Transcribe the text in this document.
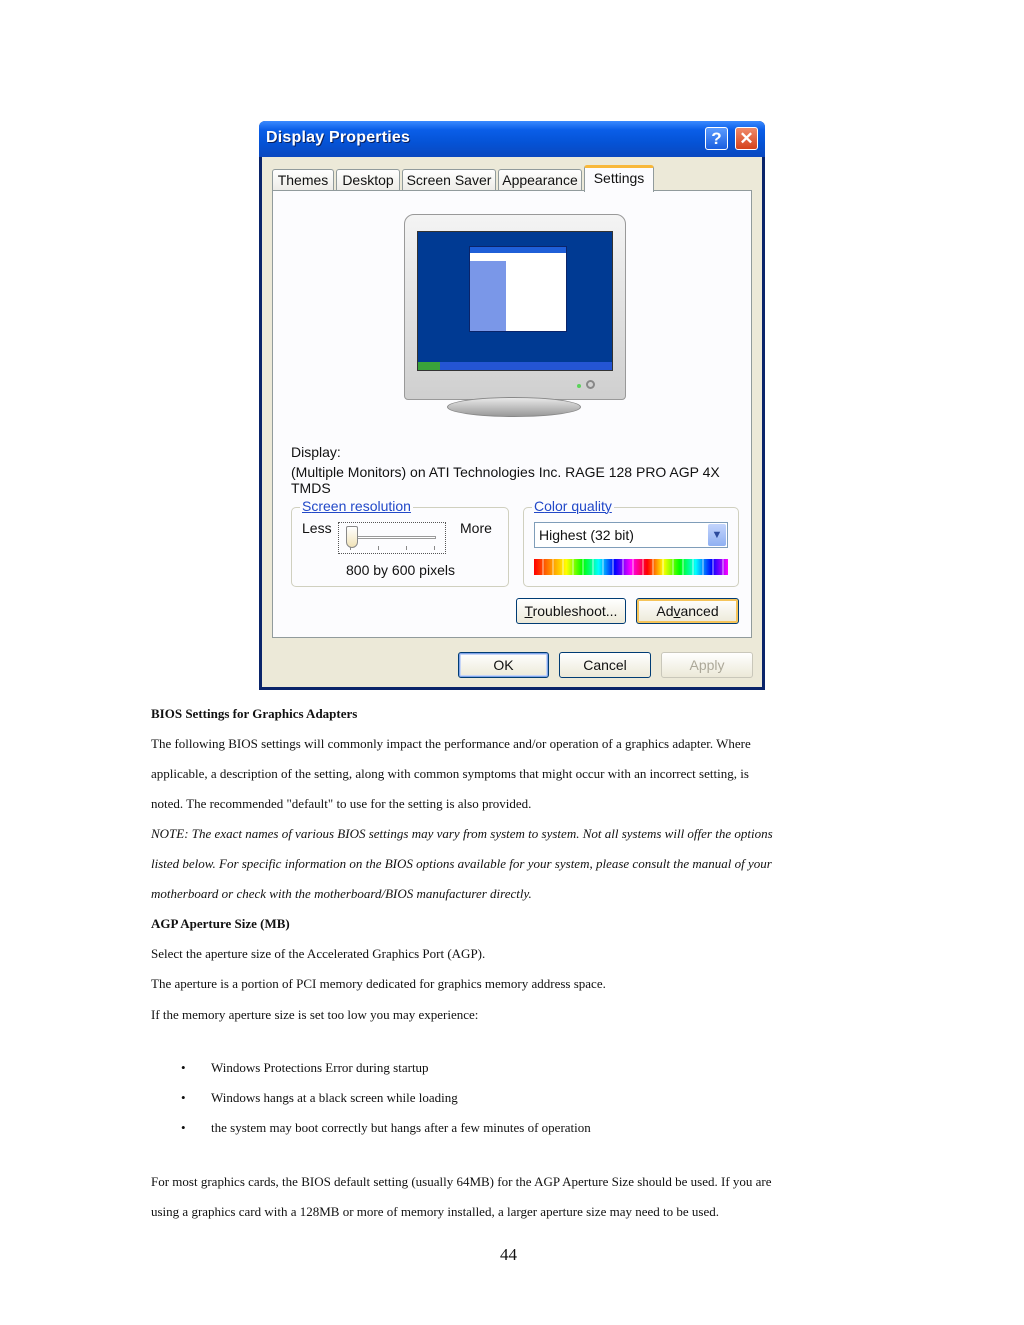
Display Properties	?	✕
Themes	Desktop Screen Saver Appearance	Settings
Display:
(Multiple Monitors) on ATI Technologies Inc. RAGE 128 PRO AGP 4X
TMDS
Screen resolution
Less	More
800 by 600 pixels
Color quality
Highest (32 bit)	▼
Troubleshoot...	Advanced
OK	Cancel	Apply
BIOS Settings for Graphics Adapters
The following BIOS settings will commonly impact the performance and/or operation of a graphics adapter. Where
applicable, a description of the setting, along with common symptoms that might occur with an incorrect setting, is
noted. The recommended "default" to use for the setting is also provided.
NOTE: The exact names of various BIOS settings may vary from system to system. Not all systems will offer the options
listed below. For specific information on the BIOS options available for your system, please consult the manual of your
motherboard or check with the motherboard/BIOS manufacturer directly.
AGP Aperture Size (MB)
Select the aperture size of the Accelerated Graphics Port (AGP).
The aperture is a portion of PCI memory dedicated for graphics memory address space.
If the memory aperture size is set too low you may experience:
• Windows Protections Error during startup
• Windows hangs at a black screen while loading
• the system may boot correctly but hangs after a few minutes of operation
For most graphics cards, the BIOS default setting (usually 64MB) for the AGP Aperture Size should be used. If you are
using a graphics card with a 128MB or more of memory installed, a larger aperture size may need to be used.
44
